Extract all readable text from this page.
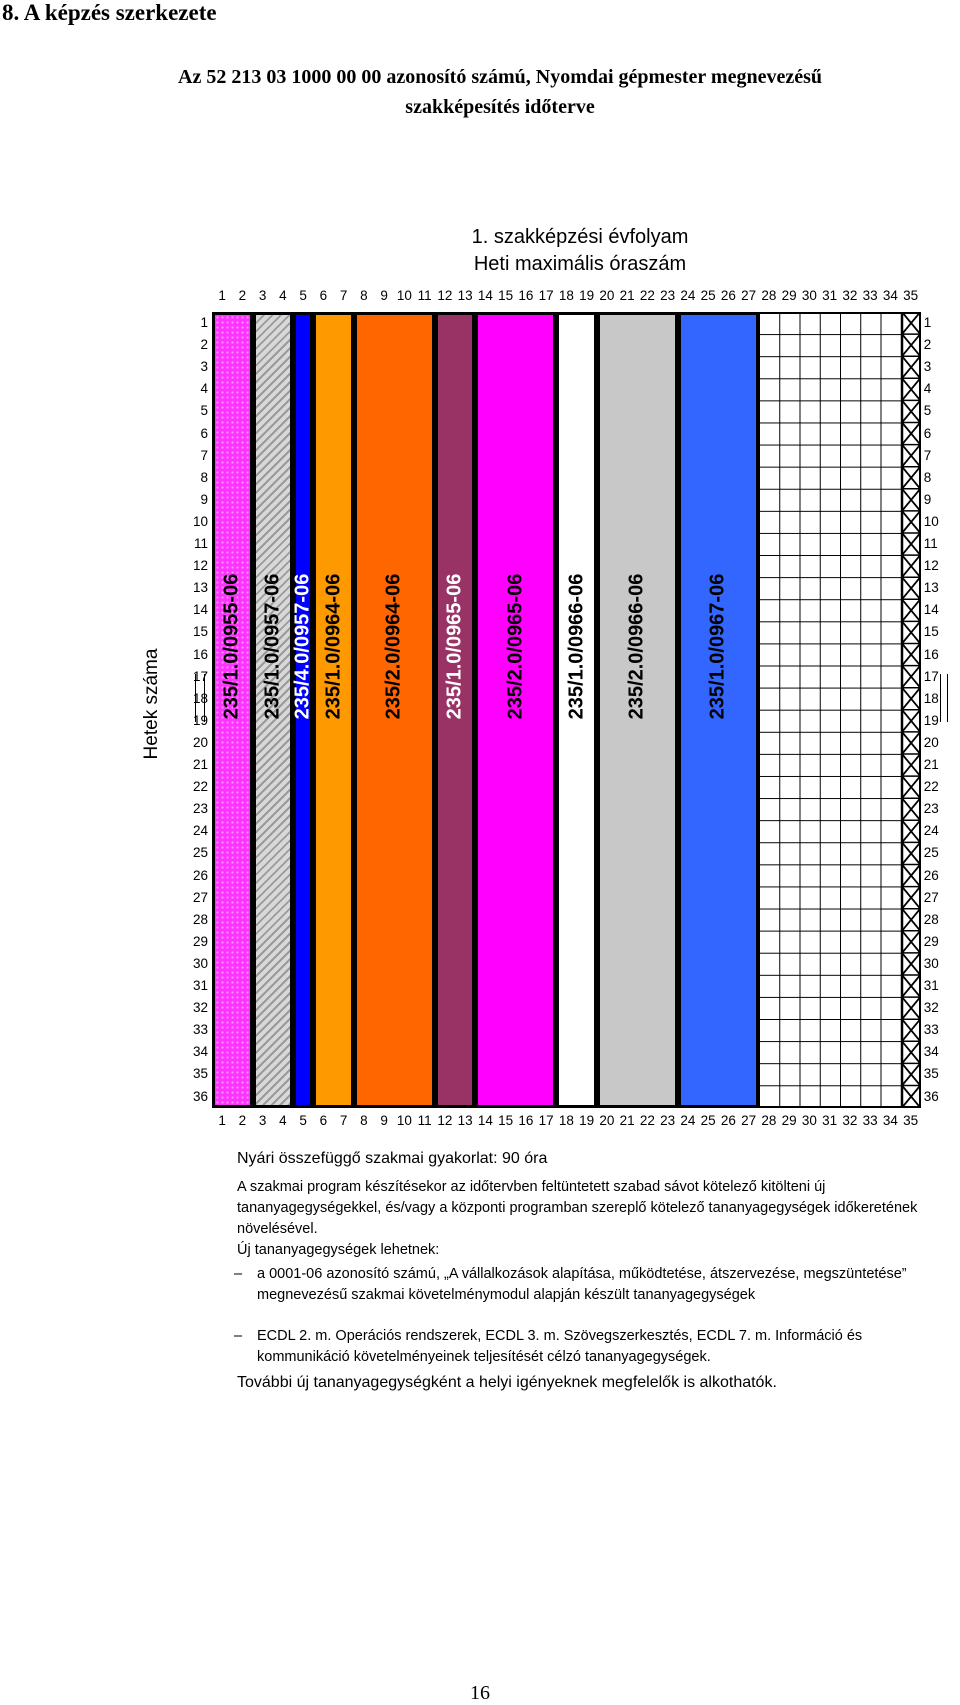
8. A képzés szerkezete
Az 52 213 03 1000 00 00 azonosító számú, Nyomdai gépmester megnevezésű
szakképesítés időterve
1. szakképzési évfolyam
Heti maximális óraszám
Hetek száma
1
1
2
2
3
3
4
4
5
5
6
6
7
7
8
8
9
9
10
10
11
11
12
12
13
13
14
14
15
15
16
16
17
17
18
18
19
19
20
20
21
21
22
22
23
23
24
24
25
25
26
26
27
27
28
28
29
29
30
30
31
31
32
32
33
33
34
34
35
35
1	1
2	2
3	3
4	4
5	5
6	6
7	7
8	8
9	9
10	10
11	11
12	12
13	13
14	14
15	15
16	16
17	17
18	18
19	19
20	20
21	21
22	22
23	23
24	24
25	25
26	26
27	27
28	28
29	29
30	30
31	31
32	32
33	33
34	34
35	35
36	36
235/1.0/0955-06 235/1.0/0957-06 235/4.0/0957-06 235/1.0/0964-06 235/2.0/0964-06 235/1.0/0965-06 235/2.0/0965-06 235/1.0/0966-06 235/2.0/0966-06	235/1.0/0967-06

Nyári összefüggő szakmai gyakorlat: 90 óra

A szakmai program készítésekor az időtervben feltüntetett szabad sávot kötelező kitölteni új tananyagegységekkel, és/vagy a központi programban szereplő kötelező tananyagegységek időkeretének növelésével.

Új tananyagegységek lehetnek:

– a 0001-06 azonosító számú, „A vállalkozások alapítása, működtetése, átszervezése, megszüntetése” megnevezésű szakmai követelménymodul alapján készült tananyagegységek

– ECDL 2. m. Operációs rendszerek, ECDL 3. m. Szövegszerkesztés, ECDL 7. m. Információ és kommunikáció követelményeinek teljesítését célzó tananyagegységek.

További új tananyagegységként a helyi igényeknek megfelelők is alkothatók.

16
